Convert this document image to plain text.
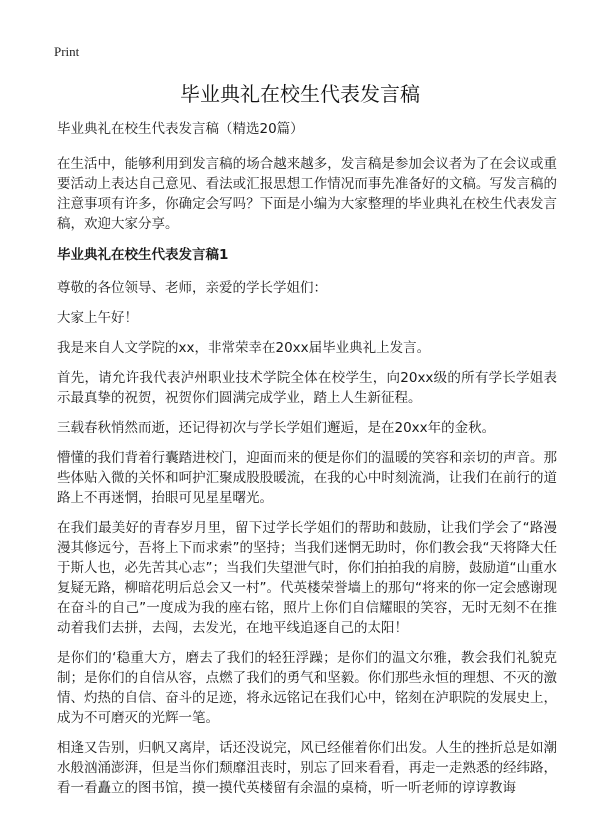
Print
毕业典礼在校生代表发言稿
毕业典礼在校生代表发言稿（精选20篇）

在生活中，能够利用到发言稿的场合越来越多，发言稿是参加会议者为了在会议或重要活动上表达自己意见、看法或汇报思想工作情况而事先准备好的文稿。写发言稿的注意事项有许多，你确定会写吗？下面是小编为大家整理的毕业典礼在校生代表发言稿，欢迎大家分享。

毕业典礼在校生代表发言稿1

尊敬的各位领导、老师，亲爱的学长学姐们：

大家上午好！

我是来自人文学院的xx，非常荣幸在20xx届毕业典礼上发言。

首先，请允许我代表泸州职业技术学院全体在校学生，向20xx级的所有学长学姐表示最真挚的祝贺，祝贺你们圆满完成学业，踏上人生新征程。

三载春秋悄然而逝，还记得初次与学长学姐们邂逅，是在20xx年的金秋。

懵懂的我们背着行囊踏进校门，迎面而来的便是你们的温暖的笑容和亲切的声音。那些体贴入微的关怀和呵护汇聚成股股暖流，在我的心中时刻流淌，让我们在前行的道路上不再迷惘，抬眼可见星星曙光。

在我们最美好的青春岁月里，留下过学长学姐们的帮助和鼓励，让我们学会了“路漫漫其修远兮，吾将上下而求索”的坚持；当我们迷惘无助时，你们教会我“天将降大任于斯人也，必先苦其心志”；当我们失望泄气时，你们拍拍我的肩膀，鼓励道“山重水复疑无路，柳暗花明后总会又一村”。代英楼荣誉墙上的那句“将来的你一定会感谢现在奋斗的自己”一度成为我的座右铭，照片上你们自信耀眼的笑容，无时无刻不在推动着我们去拼，去闯，去发光，在地平线追逐自己的太阳！

是你们的‘稳重大方，磨去了我们的轻狂浮躁；是你们的温文尔雅，教会我们礼貌克制；是你们的自信从容，点燃了我们的勇气和坚毅。你们那些永恒的理想、不灭的激情、灼热的自信、奋斗的足迹，将永远铭记在我们心中，铭刻在泸职院的发展史上，成为不可磨灭的光辉一笔。

相逢又告别，归帆又离岸，话还没说完，风已经催着你们出发。人生的挫折总是如潮水般汹涌澎湃，但是当你们颓靡沮丧时，别忘了回来看看，再走一走熟悉的经纬路，看一看矗立的图书馆，摸一摸代英楼留有余温的桌椅，听一听老师的谆谆教诲
